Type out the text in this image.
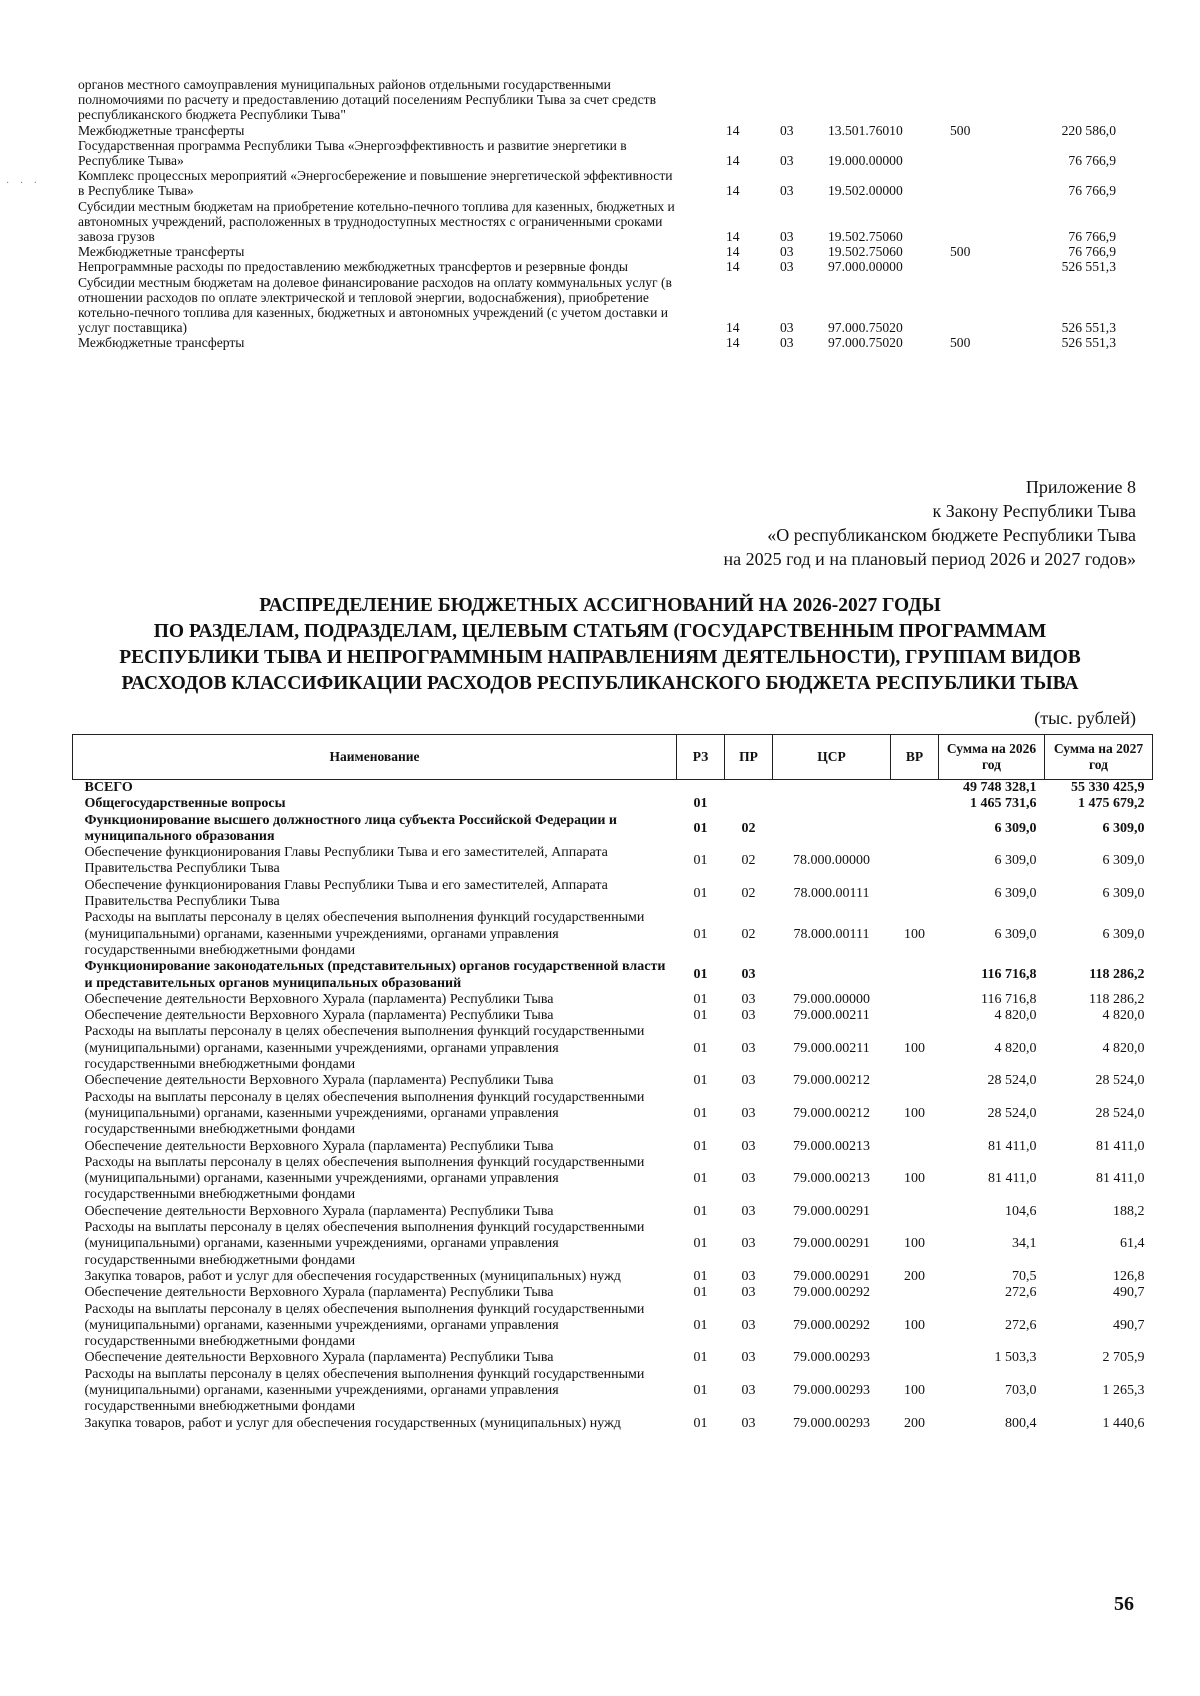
органов местного самоуправления муниципальных районов отдельными государственными полномочиями по расчету и предоставлению дотаций поселениям Республики Тыва за счет средств республиканского бюджета Республики Тыва"					
Межбюджетные трансферты	14	03	13.501.76010	500	220 586,0
Государственная программа Республики Тыва «Энергоэффективность и развитие энергетики в Республике Тыва»	14	03	19.000.00000		76 766,9
Комплекс процессных мероприятий «Энергосбережение и повышение энергетической эффективности в Республике Тыва»	14	03	19.502.00000		76 766,9
Субсидии местным бюджетам на приобретение котельно-печного топлива для казенных, бюджетных и автономных учреждений, расположенных в труднодоступных местностях с ограниченными сроками завоза грузов	14	03	19.502.75060		76 766,9
Межбюджетные трансферты	14	03	19.502.75060	500	76 766,9
Непрограммные расходы по предоставлению межбюджетных трансфертов и резервные фонды	14	03	97.000.00000		526 551,3
Субсидии местным бюджетам на долевое финансирование расходов на оплату коммунальных услуг (в отношении расходов по оплате электрической и тепловой энергии, водоснабжения), приобретение котельно-печного топлива для казенных, бюджетных и автономных учреждений (с учетом доставки и услуг поставщика)	14	03	97.000.75020		526 551,3
Межбюджетные трансферты	14	03	97.000.75020	500	526 551,3
· · ·
Приложение 8
к Закону Республики Тыва
«О республиканском бюджете Республики Тыва
на 2025 год и на плановый период 2026 и 2027 годов»
РАСПРЕДЕЛЕНИЕ БЮДЖЕТНЫХ АССИГНОВАНИЙ НА 2026-2027 ГОДЫ
ПО РАЗДЕЛАМ, ПОДРАЗДЕЛАМ, ЦЕЛЕВЫМ СТАТЬЯМ (ГОСУДАРСТВЕННЫМ ПРОГРАММАМ
РЕСПУБЛИКИ ТЫВА И НЕПРОГРАММНЫМ НАПРАВЛЕНИЯМ ДЕЯТЕЛЬНОСТИ), ГРУППАМ ВИДОВ
РАСХОДОВ КЛАССИФИКАЦИИ РАСХОДОВ РЕСПУБЛИКАНСКОГО БЮДЖЕТА РЕСПУБЛИКИ ТЫВА
(тыс. рублей)
Наименование	РЗ	ПР	ЦСР	ВР	Сумма на 2026 год	Сумма на 2027 год
ВСЕГО					49 748 328,1	55 330 425,9
Общегосударственные вопросы	01				1 465 731,6	1 475 679,2
Функционирование высшего должностного лица субъекта Российской Федерации и муниципального образования	01	02			6 309,0	6 309,0
Обеспечение функционирования Главы Республики Тыва и его заместителей, Аппарата Правительства Республики Тыва	01	02	78.000.00000		6 309,0	6 309,0
Обеспечение функционирования Главы Республики Тыва и его заместителей, Аппарата Правительства Республики Тыва	01	02	78.000.00111		6 309,0	6 309,0
Расходы на выплаты персоналу в целях обеспечения выполнения функций государственными (муниципальными) органами, казенными учреждениями, органами управления государственными внебюджетными фондами	01	02	78.000.00111	100	6 309,0	6 309,0
Функционирование законодательных (представительных) органов государственной власти и представительных органов муниципальных образований	01	03			116 716,8	118 286,2
Обеспечение деятельности Верховного Хурала (парламента) Республики Тыва	01	03	79.000.00000		116 716,8	118 286,2
Обеспечение деятельности Верховного Хурала (парламента) Республики Тыва	01	03	79.000.00211		4 820,0	4 820,0
Расходы на выплаты персоналу в целях обеспечения выполнения функций государственными (муниципальными) органами, казенными учреждениями, органами управления государственными внебюджетными фондами	01	03	79.000.00211	100	4 820,0	4 820,0
Обеспечение деятельности Верховного Хурала (парламента) Республики Тыва	01	03	79.000.00212		28 524,0	28 524,0
Расходы на выплаты персоналу в целях обеспечения выполнения функций государственными (муниципальными) органами, казенными учреждениями, органами управления государственными внебюджетными фондами	01	03	79.000.00212	100	28 524,0	28 524,0
Обеспечение деятельности Верховного Хурала (парламента) Республики Тыва	01	03	79.000.00213		81 411,0	81 411,0
Расходы на выплаты персоналу в целях обеспечения выполнения функций государственными (муниципальными) органами, казенными учреждениями, органами управления государственными внебюджетными фондами	01	03	79.000.00213	100	81 411,0	81 411,0
Обеспечение деятельности Верховного Хурала (парламента) Республики Тыва	01	03	79.000.00291		104,6	188,2
Расходы на выплаты персоналу в целях обеспечения выполнения функций государственными (муниципальными) органами, казенными учреждениями, органами управления государственными внебюджетными фондами	01	03	79.000.00291	100	34,1	61,4
Закупка товаров, работ и услуг для обеспечения государственных (муниципальных) нужд	01	03	79.000.00291	200	70,5	126,8
Обеспечение деятельности Верховного Хурала (парламента) Республики Тыва	01	03	79.000.00292		272,6	490,7
Расходы на выплаты персоналу в целях обеспечения выполнения функций государственными (муниципальными) органами, казенными учреждениями, органами управления государственными внебюджетными фондами	01	03	79.000.00292	100	272,6	490,7
Обеспечение деятельности Верховного Хурала (парламента) Республики Тыва	01	03	79.000.00293		1 503,3	2 705,9
Расходы на выплаты персоналу в целях обеспечения выполнения функций государственными (муниципальными) органами, казенными учреждениями, органами управления государственными внебюджетными фондами	01	03	79.000.00293	100	703,0	1 265,3
Закупка товаров, работ и услуг для обеспечения государственных (муниципальных) нужд	01	03	79.000.00293	200	800,4	1 440,6
56
